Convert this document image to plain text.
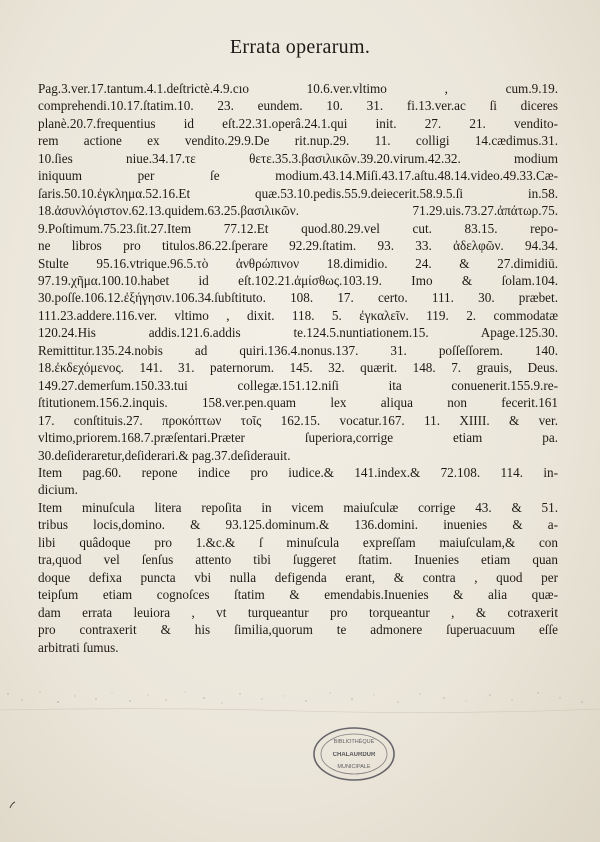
Errata operarum.
Pag.3.ver.17.tantum.4.1.deſtrictè.4.9.cıo 10.6.ver.vltimo , cum.9.19.
comprehendi.10.17.ſtatim.10. 23. eundem. 10. 31. fi.13.ver.ac ſi diceres
planè.20.7.frequentius id eſt.22.31.operâ.24.1.qui init. 27. 21. vendito-
rem actione ex vendito.29.9.De rit.nup.29. 11. colligi 14.cædimus.31.
10.ſies niue.34.17.τε θετε.35.3.βασιλικῶν.39.20.virum.42.32. modium
iniquum per ſe modium.43.14.Miſi.43.17.aſtu.48.14.video.49.33.Cæ-
ſaris.50.10.ἐγκλημα.52.16.Et quæ.53.10.pedis.55.9.deiecerit.58.9.5.ſi in.58.
18.ἀσυνλόγιστον.62.13.quidem.63.25.βασιλικῶν. 71.29.uis.73.27.ἀπάτωρ.75.
9.Poſtimum.75.23.ſit.27.Item 77.12.Et quod.80.29.vel cut. 83.15. repo-
ne libros pro titulos.86.22.ſperare 92.29.ſtatim. 93. 33. ἀδελφῶν. 94.34.
Stulte 95.16.vtrique.96.5.τὸ ἀνθρώπινον 18.dimidio. 24. & 27.dimidiū.
97.19.χῆμα.100.10.habet id eſt.102.21.ἀμίσθως.103.19. Imo & ſolam.104.
30.poſſe.106.12.ἐξήγησιν.106.34.ſubſtituto. 108. 17. certo. 111. 30. præbet.
111.23.addere.116.ver. vltimo , dixit. 118. 5. ἐγκαλεῖν. 119. 2. commodatæ
120.24.His addis.121.6.addis te.124.5.nuntiationem.15. Apage.125.30.
Remittitur.135.24.nobis ad quiri.136.4.nonus.137. 31. poſſeſſorem. 140.
18.ἐκδεχόμενος. 141. 31. paternorum. 145. 32. quærit. 148. 7. grauis, Deus.
149.27.demerſum.150.33.tui collegæ.151.12.niſi ita conuenerit.155.9.re-
ſtitutionem.156.2.inquis. 158.ver.pen.quam lex aliqua non fecerit.161
17. conſtituis.27. προκόπτων τοῖς 162.15. vocatur.167. 11. XIIII. & ver.
vltimo,priorem.168.7.præſentari.Præter ſuperiora,corrige etiam pa.
30.deſideraretur,deſiderari.& pag.37.deſiderauit.
Item pag.60. repone indice pro iudice.& 141.index.& 72.108. 114. in-
dicium.
Item minuſcula litera repoſita in vicem maiuſculæ corrige 43. & 51.
tribus locis,domino. & 93.125.dominum.& 136.domini. inuenies & a-
libi quâdoque pro 1.&c.& ſ minuſcula expreſſam maiuſculam,& con
tra,quod vel ſenſus attento tibi ſuggeret ſtatim. Inuenies etiam quan
doque defixa puncta vbi nulla defigenda erant, & contra , quod per
teipſum etiam cognoſces ſtatim & emendabis.Inuenies & alia quæ-
dam errata leuiora , vt turqueantur pro torqueantur , & cotraxerit
pro contraxerit & his ſimilia,quorum te admonere ſuperuacuum eſſe
arbitrati ſumus.
BIBLIOTHÈQUE
CHALAURDUR
MUNICIPALE
